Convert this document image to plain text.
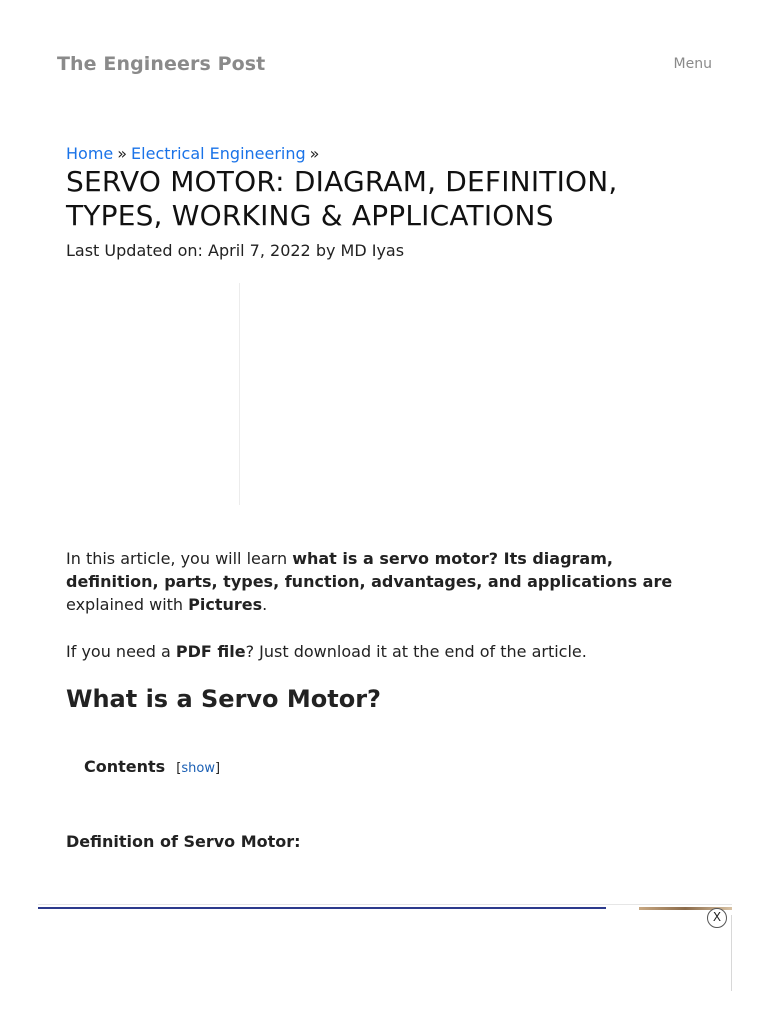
The Engineers Post	Menu
Home » Electrical Engineering »
SERVO MOTOR: DIAGRAM, DEFINITION, TYPES, WORKING & APPLICATIONS
Last Updated on: April 7, 2022 by MD Iyas

In this article, you will learn what is a servo motor? Its diagram, definition, parts, types, function, advantages, and applications are explained with Pictures.

If you need a PDF file? Just download it at the end of the article.

What is a Servo Motor?
Contents [show]
Definition of Servo Motor:
X
